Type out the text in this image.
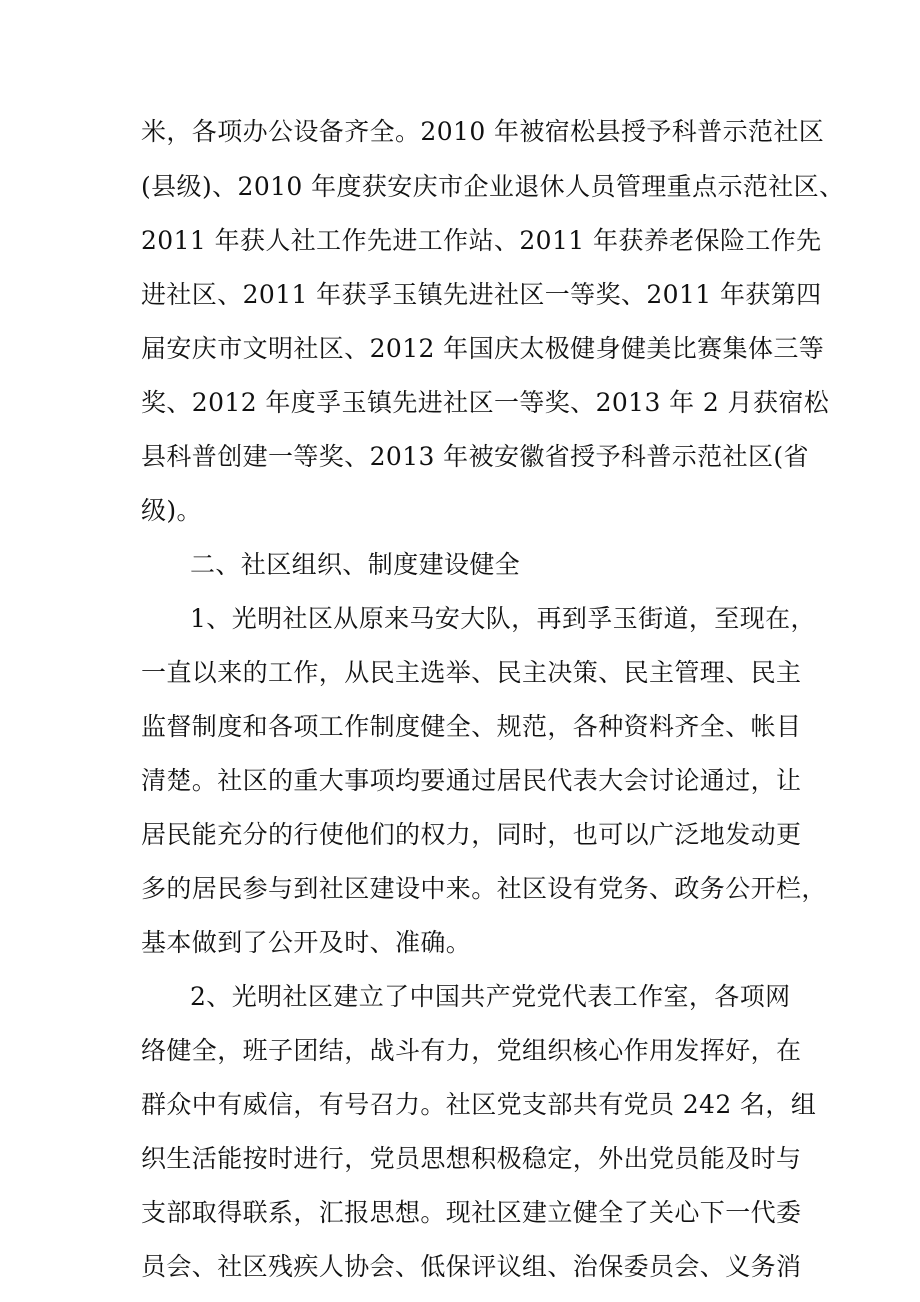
米，各项办公设备齐全。2010 年被宿松县授予科普示范社区
(县级)、2010 年度获安庆市企业退休人员管理重点示范社区、
2011 年获人社工作先进工作站、2011 年获养老保险工作先
进社区、2011 年获孚玉镇先进社区一等奖、2011 年获第四
届安庆市文明社区、2012 年国庆太极健身健美比赛集体三等
奖、2012 年度孚玉镇先进社区一等奖、2013 年 2 月获宿松
县科普创建一等奖、2013 年被安徽省授予科普示范社区(省
级)。
二、社区组织、制度建设健全
1、光明社区从原来马安大队，再到孚玉街道，至现在，
一直以来的工作，从民主选举、民主决策、民主管理、民主
监督制度和各项工作制度健全、规范，各种资料齐全、帐目
清楚。社区的重大事项均要通过居民代表大会讨论通过，让
居民能充分的行使他们的权力，同时，也可以广泛地发动更
多的居民参与到社区建设中来。社区设有党务、政务公开栏，
基本做到了公开及时、准确。
2、光明社区建立了中国共产党党代表工作室，各项网
络健全，班子团结，战斗有力，党组织核心作用发挥好，在
群众中有威信，有号召力。社区党支部共有党员 242 名，组
织生活能按时进行，党员思想积极稳定，外出党员能及时与
支部取得联系，汇报思想。现社区建立健全了关心下一代委
员会、社区残疾人协会、低保评议组、治保委员会、义务消
